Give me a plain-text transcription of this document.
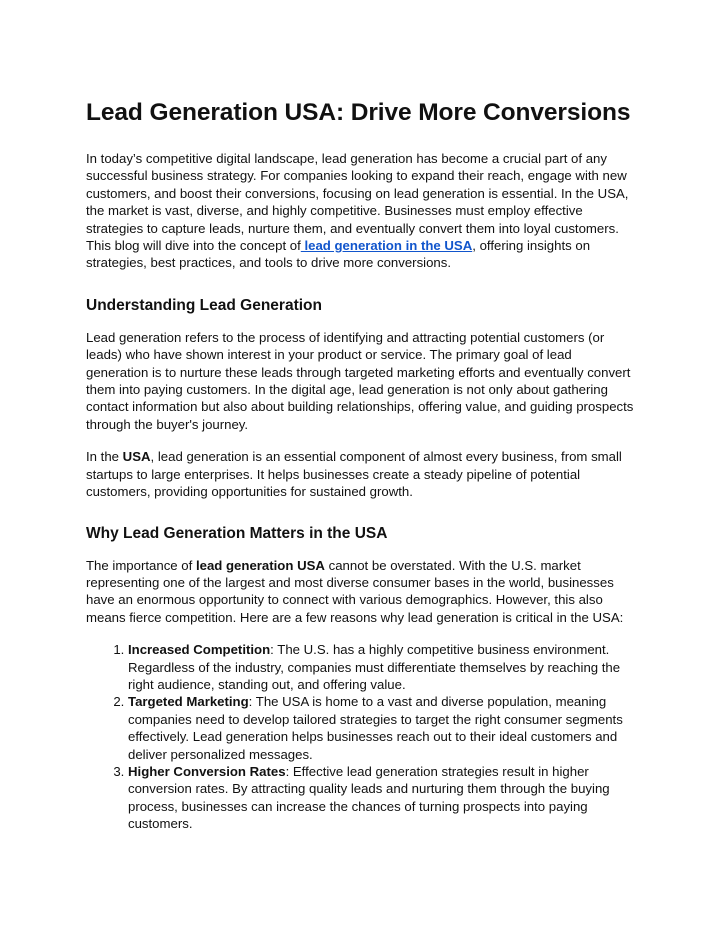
Lead Generation USA: Drive More Conversions

In today’s competitive digital landscape, lead generation has become a crucial part of any successful business strategy. For companies looking to expand their reach, engage with new customers, and boost their conversions, focusing on lead generation is essential. In the USA, the market is vast, diverse, and highly competitive. Businesses must employ effective strategies to capture leads, nurture them, and eventually convert them into loyal customers. This blog will dive into the concept of lead generation in the USA, offering insights on strategies, best practices, and tools to drive more conversions.

Understanding Lead Generation

Lead generation refers to the process of identifying and attracting potential customers (or leads) who have shown interest in your product or service. The primary goal of lead generation is to nurture these leads through targeted marketing efforts and eventually convert them into paying customers. In the digital age, lead generation is not only about gathering contact information but also about building relationships, offering value, and guiding prospects through the buyer's journey.

In the USA, lead generation is an essential component of almost every business, from small startups to large enterprises. It helps businesses create a steady pipeline of potential customers, providing opportunities for sustained growth.

Why Lead Generation Matters in the USA

The importance of lead generation USA cannot be overstated. With the U.S. market representing one of the largest and most diverse consumer bases in the world, businesses have an enormous opportunity to connect with various demographics. However, this also means fierce competition. Here are a few reasons why lead generation is critical in the USA:

1. Increased Competition: The U.S. has a highly competitive business environment. Regardless of the industry, companies must differentiate themselves by reaching the right audience, standing out, and offering value.
2. Targeted Marketing: The USA is home to a vast and diverse population, meaning companies need to develop tailored strategies to target the right consumer segments effectively. Lead generation helps businesses reach out to their ideal customers and deliver personalized messages.
3. Higher Conversion Rates: Effective lead generation strategies result in higher conversion rates. By attracting quality leads and nurturing them through the buying process, businesses can increase the chances of turning prospects into paying customers.
